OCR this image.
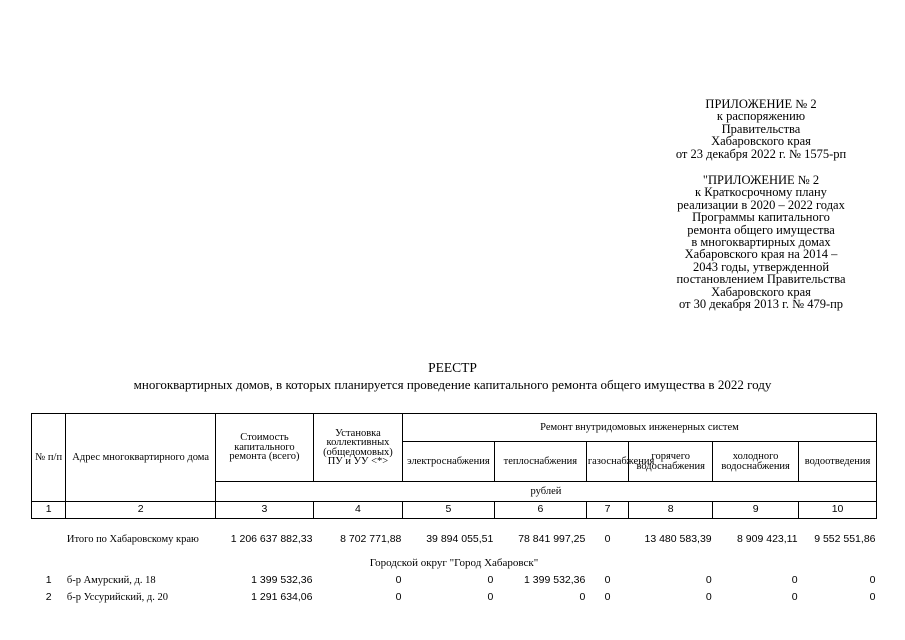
ПРИЛОЖЕНИЕ № 2
к распоряжению
Правительства
Хабаровского края
от 23 декабря 2022 г. № 1575-рп
"ПРИЛОЖЕНИЕ № 2
к Краткосрочному плану
реализации в 2020 – 2022 годах
Программы капитального
ремонта общего имущества
в многоквартирных домах
Хабаровского края на 2014 –
2043 годы, утвержденной
постановлением Правительства
Хабаровского края
от 30 декабря 2013 г. № 479-пр
РЕЕСТР
многоквартирных домов, в которых планируется проведение капитального ремонта общего имущества в 2022 году
№ п/п	Адрес многоквартирного дома	Стоимость капитального ремонта (всего)	Установка коллективных (общедомовых) ПУ и УУ <*>	Ремонт внутридомовых инженерных систем					
				электроснабжения	теплоснабжения	газоснабжения	горячего водоснабжения	холодного водоснабжения	водоотведения
		рублей							
1	2	3	4	5	6	7	8	9	10

	Итого по Хабаровскому краю	1 206 637 882,33	8 702 771,88	39 894 055,51	78 841 997,25	0	13 480 583,39	8 909 423,11	9 552 551,86
Городской округ "Город Хабаровск"									
1	б-р Амурский, д. 18	1 399 532,36	0	0	1 399 532,36	0	0	0	0
2	б-р Уссурийский, д. 20	1 291 634,06	0	0	0	0	0	0	0
